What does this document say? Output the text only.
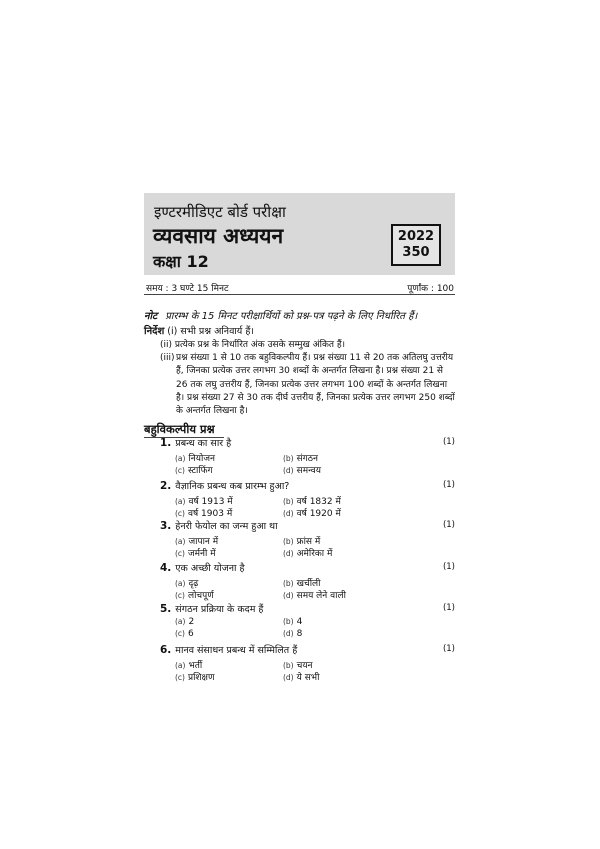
इण्टरमीडिएट बोर्ड परीक्षा
व्यवसाय अध्ययन
कक्षा 12
2022
350
समय : 3 घण्टे 15 मिनट	पूर्णांक : 100
नोट प्रारम्भ के 15 मिनट परीक्षार्थियों को प्रश्न-पत्र पढ़ने के लिए निर्धारित हैं।
निर्देश (i) सभी प्रश्न अनिवार्य हैं।
(ii) प्रत्येक प्रश्न के निर्धारित अंक उसके सम्मुख अंकित हैं।
(iii) प्रश्न संख्या 1 से 10 तक बहुविकल्पीय हैं। प्रश्न संख्या 11 से 20 तक अतिलघु उत्तरीय हैं, जिनका प्रत्येक उत्तर लगभग 30 शब्दों के अन्तर्गत लिखना है। प्रश्न संख्या 21 से 26 तक लघु उत्तरीय हैं, जिनका प्रत्येक उत्तर लगभग 100 शब्दों के अन्तर्गत लिखना है। प्रश्न संख्या 27 से 30 तक दीर्घ उत्तरीय हैं, जिनका प्रत्येक उत्तर लगभग 250 शब्दों के अन्तर्गत लिखना है।
बहुविकल्पीय प्रश्न
1. प्रबन्ध का सार है	(1)
(a) नियोजन	(b) संगठन
(c) स्टाफिंग	(d) समन्वय
2. वैज्ञानिक प्रबन्ध कब प्रारम्भ हुआ?	(1)
(a) वर्ष 1913 में	(b) वर्ष 1832 में
(c) वर्ष 1903 में	(d) वर्ष 1920 में
3. हेनरी फेयोल का जन्म हुआ था	(1)
(a) जापान में	(b) फ्रांस में
(c) जर्मनी में	(d) अमेरिका में
4. एक अच्छी योजना है	(1)
(a) दृढ़	(b) खर्चीली
(c) लोचपूर्ण	(d) समय लेने वाली
5. संगठन प्रक्रिया के कदम हैं	(1)
(a) 2	(b) 4
(c) 6	(d) 8
6. मानव संसाधन प्रबन्ध में सम्मिलित हैं	(1)
(a) भर्ती	(b) चयन
(c) प्रशिक्षण	(d) ये सभी
